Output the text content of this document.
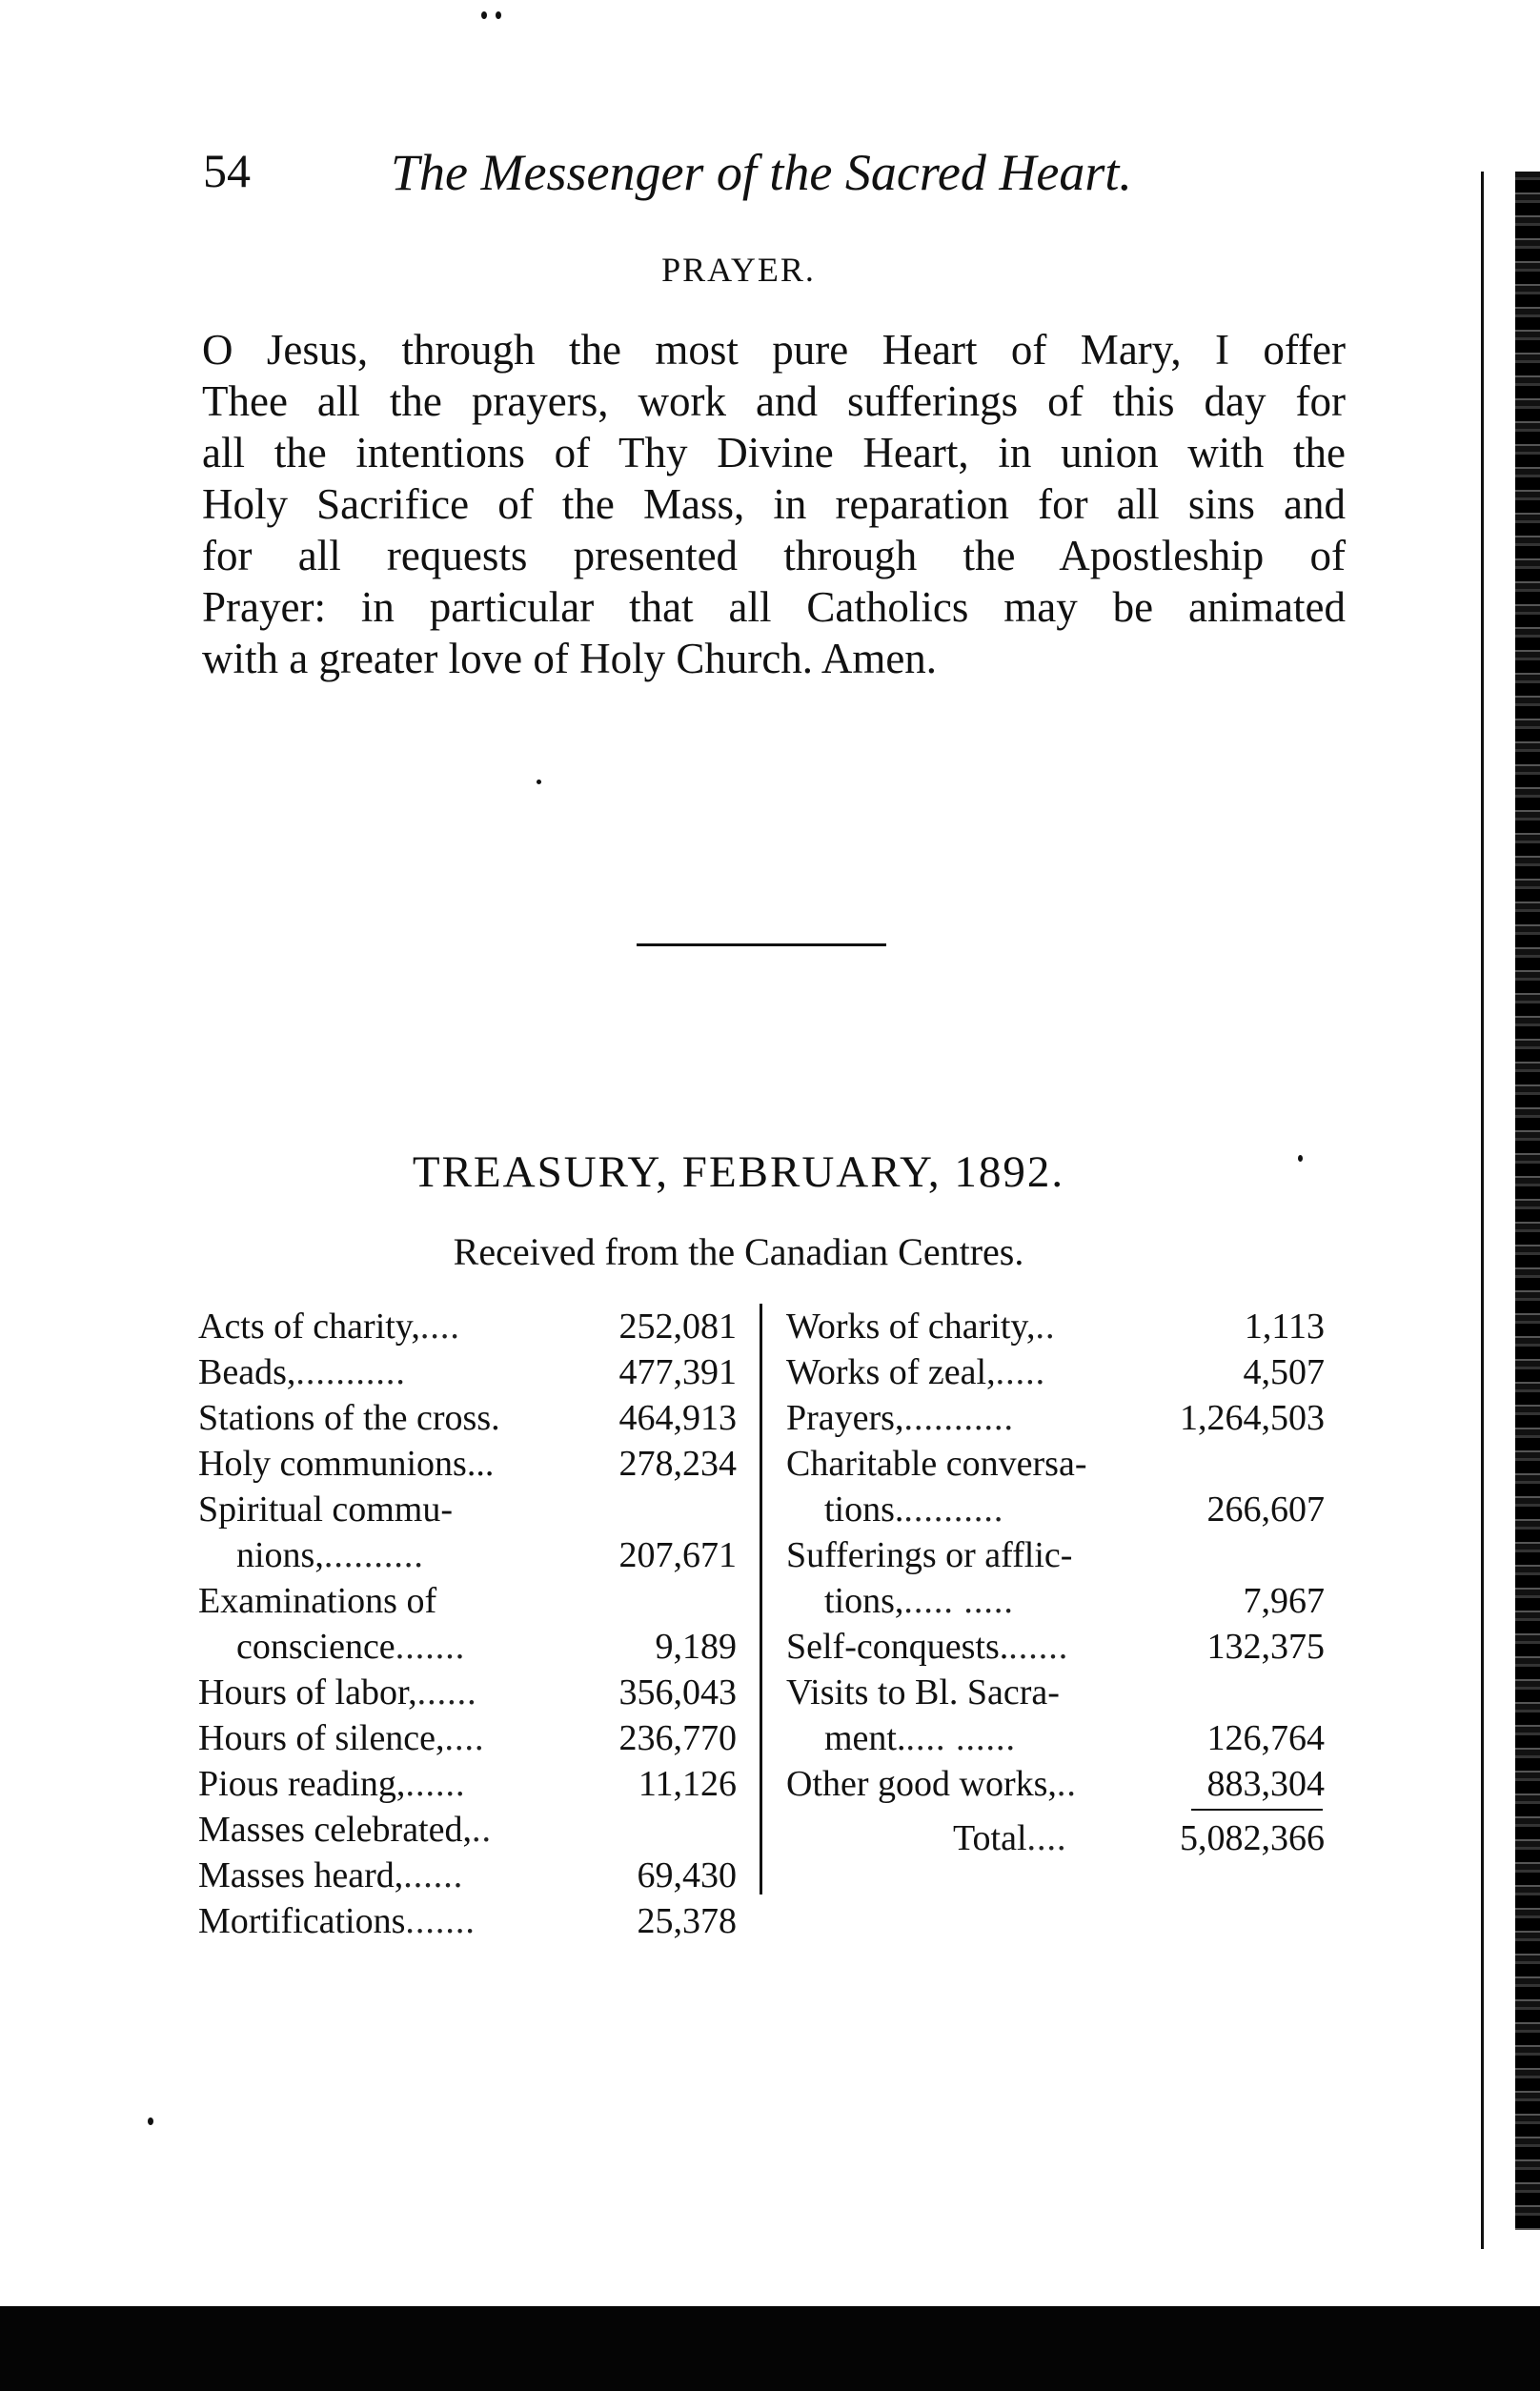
54	The Messenger of the Sacred Heart.
PRAYER.
O Jesus, through the most pure Heart of Mary, I offer
Thee all the prayers, work and sufferings of this day for
all the intentions of Thy Divine Heart, in union with the
Holy Sacrifice of the Mass, in reparation for all sins and
for all requests presented through the Apostleship of
Prayer: in particular that all Catholics may be animated
with a greater love of Holy Church. Amen.
TREASURY, FEBRUARY, 1892.
Received from the Canadian Centres.
Acts of charity,....	252,081
Beads,...........	477,391
Stations of the cross.	464,913
Holy communions...	278,234
Spiritual commu-
nions,..........	207,671
Examinations of
conscience.......	9,189
Hours of labor,......	356,043
Hours of silence,....	236,770
Pious reading,......	11,126
Masses celebrated,..
Masses heard,......	69,430
Mortifications.......	25,378
Works of charity,..	1,113
Works of zeal,.....	4,507
Prayers,...........	1,264,503
Charitable conversa-
tions...........	266,607
Sufferings or afflic-
tions,..... .....	7,967
Self-conquests.......	132,375
Visits to Bl. Sacra-
ment..... ......	126,764
Other good works,..	883,304
Total....	5,082,366
